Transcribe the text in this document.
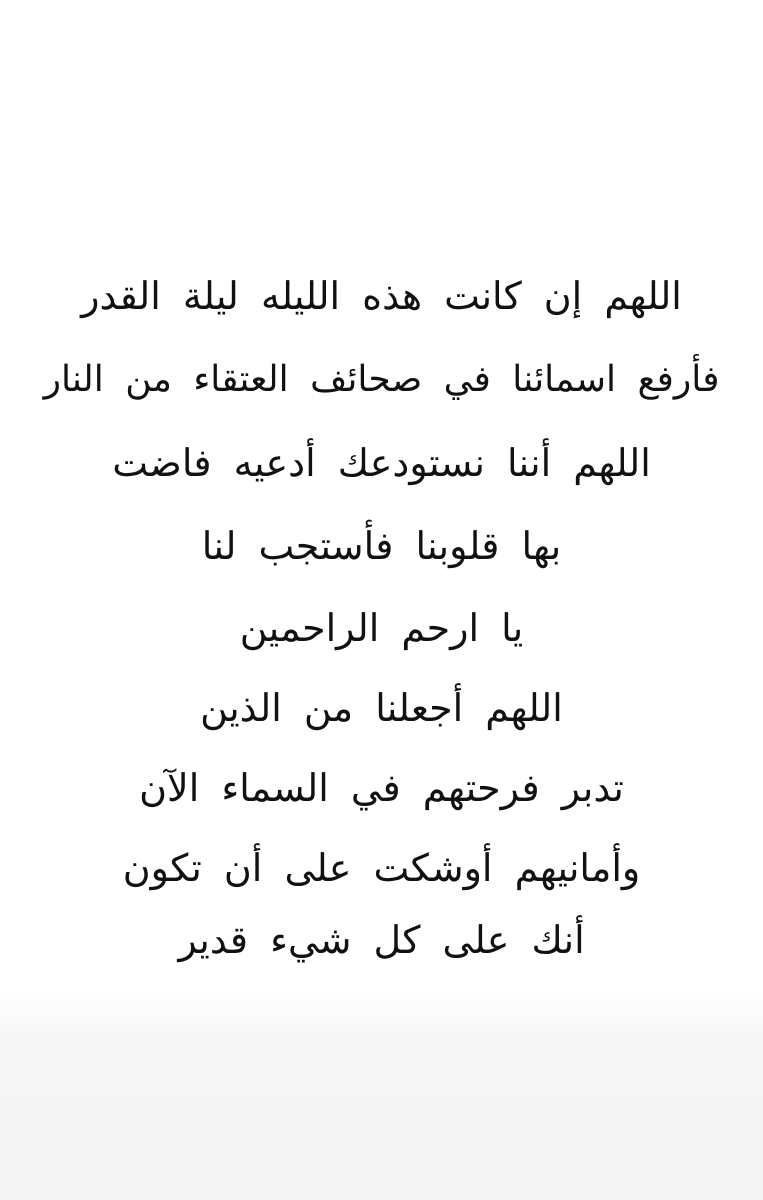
اللهم إن كانت هذه الليله ليلة القدر
فأرفع اسمائنا في صحائف العتقاء من النار
اللهم أننا نستودعك أدعيه فاضت
بها قلوبنا فأستجب لنا
يا ارحم الراحمين
اللهم أجعلنا من الذين
تدبر فرحتهم في السماء الآن
وأمانيهم أوشكت على أن تكون
أنك على كل شيء قدير
